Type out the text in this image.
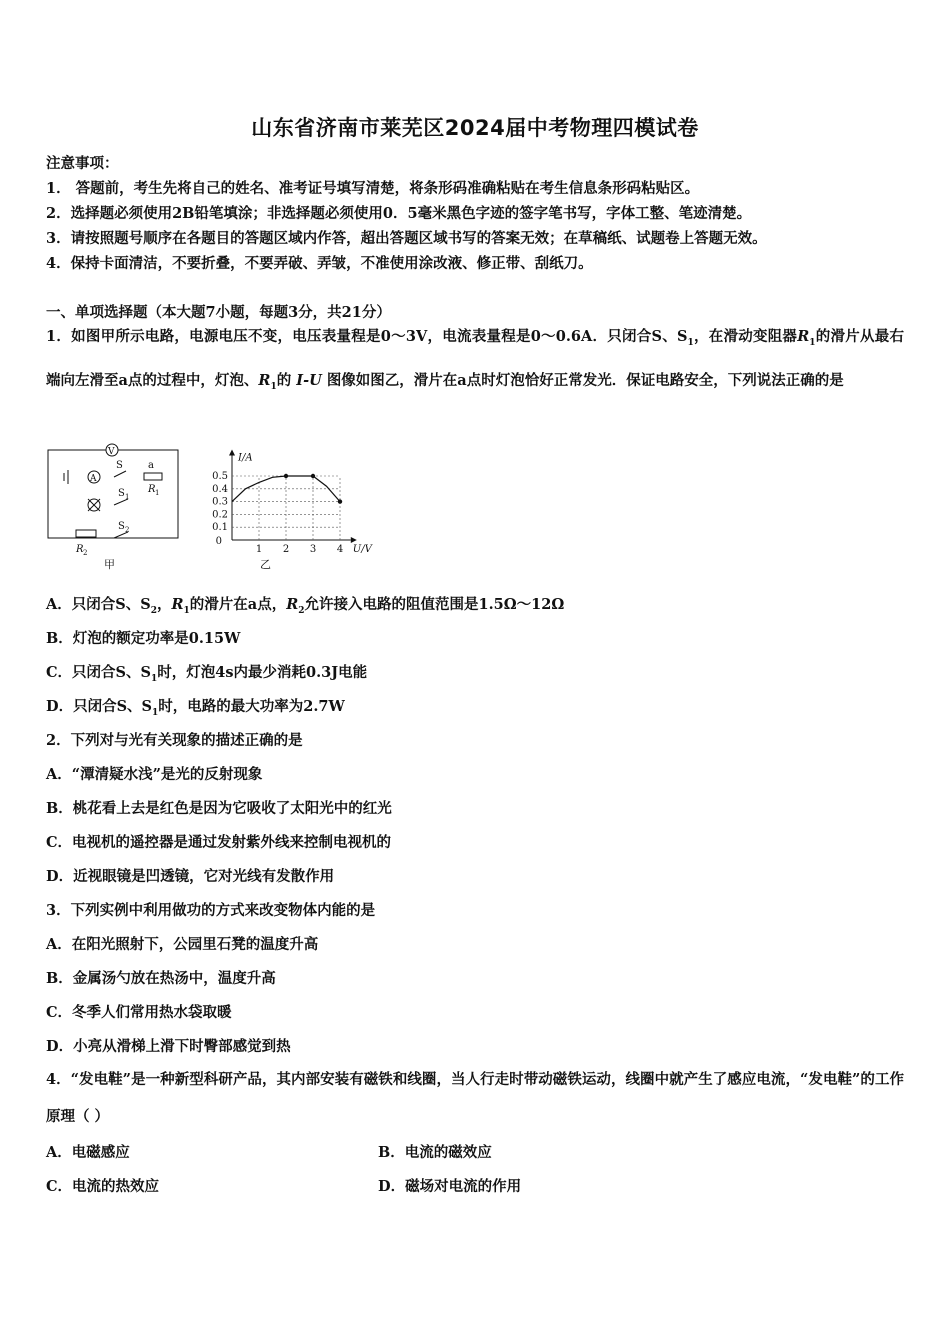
山东省济南市莱芜区2024届中考物理四模试卷
注意事项：
1． 答题前，考生先将自己的姓名、准考证号填写清楚，将条形码准确粘贴在考生信息条形码粘贴区。
2．选择题必须使用2B铅笔填涂；非选择题必须使用0．5毫米黑色字迹的签字笔书写，字体工整、笔迹清楚。
3．请按照题号顺序在各题目的答题区域内作答，超出答题区域书写的答案无效；在草稿纸、试题卷上答题无效。
4．保持卡面清洁，不要折叠，不要弄破、弄皱，不准使用涂改液、修正带、刮纸刀。
一、单项选择题（本大题7小题，每题3分，共21分）
1．如图甲所示电路，电源电压不变，电压表量程是0～3V，电流表量程是0～0.6A．只闭合S、$S_1$，在滑动变阻器$R_1$的滑片从最右端向左滑至a点的过程中，灯泡、$R_1$的 I-U 图像如图乙，滑片在a点时灯泡恰好正常发光．保证电路安全，下列说法正确的是
V
A
S	a
R 1
S 1
S 2
R 2
甲	乙
0.1
0.2
0.3
0.4
0.5
1 2 3 4
0
I/A
U/V
A．只闭合S、$S_2$，$R_1$的滑片在a点，$R_2$允许接入电路的阻值范围是1.5Ω～12Ω
B．灯泡的额定功率是0.15W
C．只闭合S、$S_1$时，灯泡4s内最少消耗0.3J电能
D．只闭合S、$S_1$时，电路的最大功率为2.7W
2．下列对与光有关现象的描述正确的是
A．“潭清疑水浅”是光的反射现象
B．桃花看上去是红色是因为它吸收了太阳光中的红光
C．电视机的遥控器是通过发射紫外线来控制电视机的
D．近视眼镜是凹透镜，它对光线有发散作用
3．下列实例中利用做功的方式来改变物体内能的是
A．在阳光照射下，公园里石凳的温度升高
B．金属汤勺放在热汤中，温度升高
C．冬季人们常用热水袋取暖
D．小亮从滑梯上滑下时臀部感觉到热
4．“发电鞋”是一种新型科研产品，其内部安装有磁铁和线圈，当人行走时带动磁铁运动，线圈中就产生了感应电流，“发电鞋”的工作原理（ ）
A．电磁感应	B．电流的磁效应
C．电流的热效应	D．磁场对电流的作用
